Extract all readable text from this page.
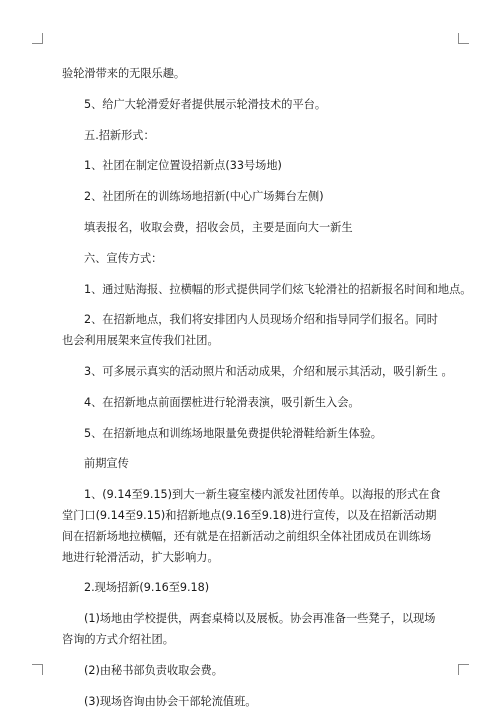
验轮滑带来的无限乐趣。

5、给广大轮滑爱好者提供展示轮滑技术的平台。

五.招新形式：

1、社团在制定位置设招新点(33号场地)

2、社团所在的训练场地招新(中心广场舞台左侧)

填表报名，收取会费，招收会员，主要是面向大一新生

六、宣传方式：

1、通过贴海报、拉横幅的形式提供同学们炫飞轮滑社的招新报名时间和地点。

2、在招新地点，我们将安排团内人员现场介绍和指导同学们报名。同时也会利用展架来宣传我们社团。

3、可多展示真实的活动照片和活动成果，介绍和展示其活动，吸引新生 。

4、在招新地点前面摆桩进行轮滑表演，吸引新生入会。

5、在招新地点和训练场地限量免费提供轮滑鞋给新生体验。

前期宣传

1、(9.14至9.15)到大一新生寝室楼内派发社团传单。以海报的形式在食堂门口(9.14至9.15)和招新地点(9.16至9.18)进行宣传，以及在招新活动期间在招新场地拉横幅，还有就是在招新活动之前组织全体社团成员在训练场地进行轮滑活动，扩大影响力。

2.现场招新(9.16至9.18)

(1)场地由学校提供，两套桌椅以及展板。协会再准备一些凳子，以现场咨询的方式介绍社团。

(2)由秘书部负责收取会费。

(3)现场咨询由协会干部轮流值班。
